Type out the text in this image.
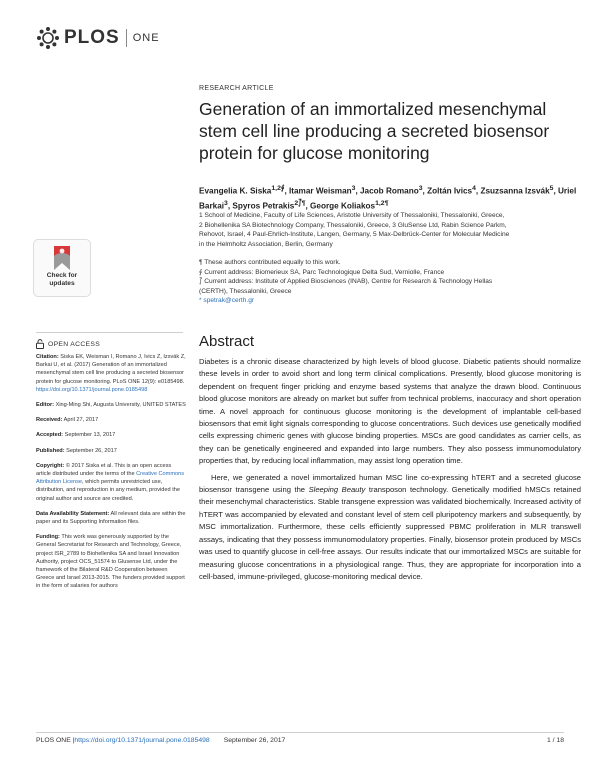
PLOS ONE
RESEARCH ARTICLE
Generation of an immortalized mesenchymal stem cell line producing a secreted biosensor protein for glucose monitoring
Evangelia K. Siska$^{1,2⨚}$, Itamar Weisman$^3$, Jacob Romano$^3$, Zoltán Ivics$^4$, Zsuzsanna Izsvák$^5$, Uriel Barkai$^3$, Spyros Petrakis$^{2⨛\P}$, George Koliakos$^{1,2\P}$
1 School of Medicine, Faculty of Life Sciences, Aristotle University of Thessaloniki, Thessaloniki, Greece,
2 Biohellenika SA Biotechnology Company, Thessaloniki, Greece, 3 GluSense Ltd, Rabin Science Parkm,
Rehovot, Israel, 4 Paul-Ehrlich-Institute, Langen, Germany, 5 Max-Delbrück-Center for Molecular Medicine
in the Helmholtz Association, Berlin, Germany
¶ These authors contributed equally to this work.
⨚ Current address: Biomerieux SA, Parc Technologique Delta Sud, Verniolle, France
⨛ Current address: Institute of Applied Biosciences (INAB), Centre for Research & Technology Hellas
(CERTH), Thessaloniki, Greece
* spetrak@certh.gr
Abstract

Diabetes is a chronic disease characterized by high levels of blood glucose. Diabetic patients should normalize these levels in order to avoid short and long term clinical complications. Presently, blood glucose monitoring is dependent on frequent finger pricking and enzyme based systems that analyze the drawn blood. Continuous blood glucose monitors are already on market but suffer from technical problems, inaccuracy and short operation time. A novel approach for continuous glucose monitoring is the development of implantable cell-based biosensors that emit light signals corresponding to glucose concentrations. Such devices use genetically modified cells expressing chimeric genes with glucose binding properties. MSCs are good candidates as carrier cells, as they can be genetically engineered and expanded into large numbers. They also possess immunomodulatory properties that, by reducing local inflammation, may assist long operation time.

Here, we generated a novel immortalized human MSC line co-expressing hTERT and a secreted glucose biosensor transgene using the Sleeping Beauty transposon technology. Genetically modified hMSCs retained their mesenchymal characteristics. Stable transgene expression was validated biochemically. Increased activity of hTERT was accompanied by elevated and constant level of stem cell pluripotency markers and subsequently, by MSC immortalization. Furthermore, these cells efficiently suppressed PBMC proliferation in MLR transwell assays, indicating that they possess immunomodulatory properties. Finally, biosensor protein produced by MSCs was used to quantify glucose in cell-free assays. Our results indicate that our immortalized MSCs are suitable for measuring glucose concentrations in a physiological range. Thus, they are appropriate for incorporation into a cell-based, immune-privileged, glucose-monitoring medical device.

Check for
updates
OPEN ACCESS
Citation: Siska EK, Weisman I, Romano J, Ivics Z, Izsvák Z, Barkai U, et al. (2017) Generation of an immortalized mesenchymal stem cell line producing a secreted biosensor protein for glucose monitoring. PLoS ONE 12(9): e0185498. https://doi.org/10.1371/journal.pone.0185498
Editor: Xing-Ming Shi, Augusta University, UNITED STATES
Received: April 27, 2017
Accepted: September 13, 2017
Published: September 26, 2017
Copyright: © 2017 Siska et al. This is an open access article distributed under the terms of the Creative Commons Attribution License, which permits unrestricted use, distribution, and reproduction in any medium, provided the original author and source are credited.
Data Availability Statement: All relevant data are within the paper and its Supporting Information files.
Funding: This work was generously supported by the General Secretariat for Research and Technology, Greece, project ISR_2789 to Biohellenika SA and Israel Innovation Authority, project OCS_51574 to Glusense Ltd, under the framework of the Bilateral R&D Cooperation between Greece and Israel 2013-2015. The funders provided support in the form of salaries for authors
PLOS ONE | https://doi.org/10.1371/journal.pone.0185498 September 26, 2017	1 / 18
